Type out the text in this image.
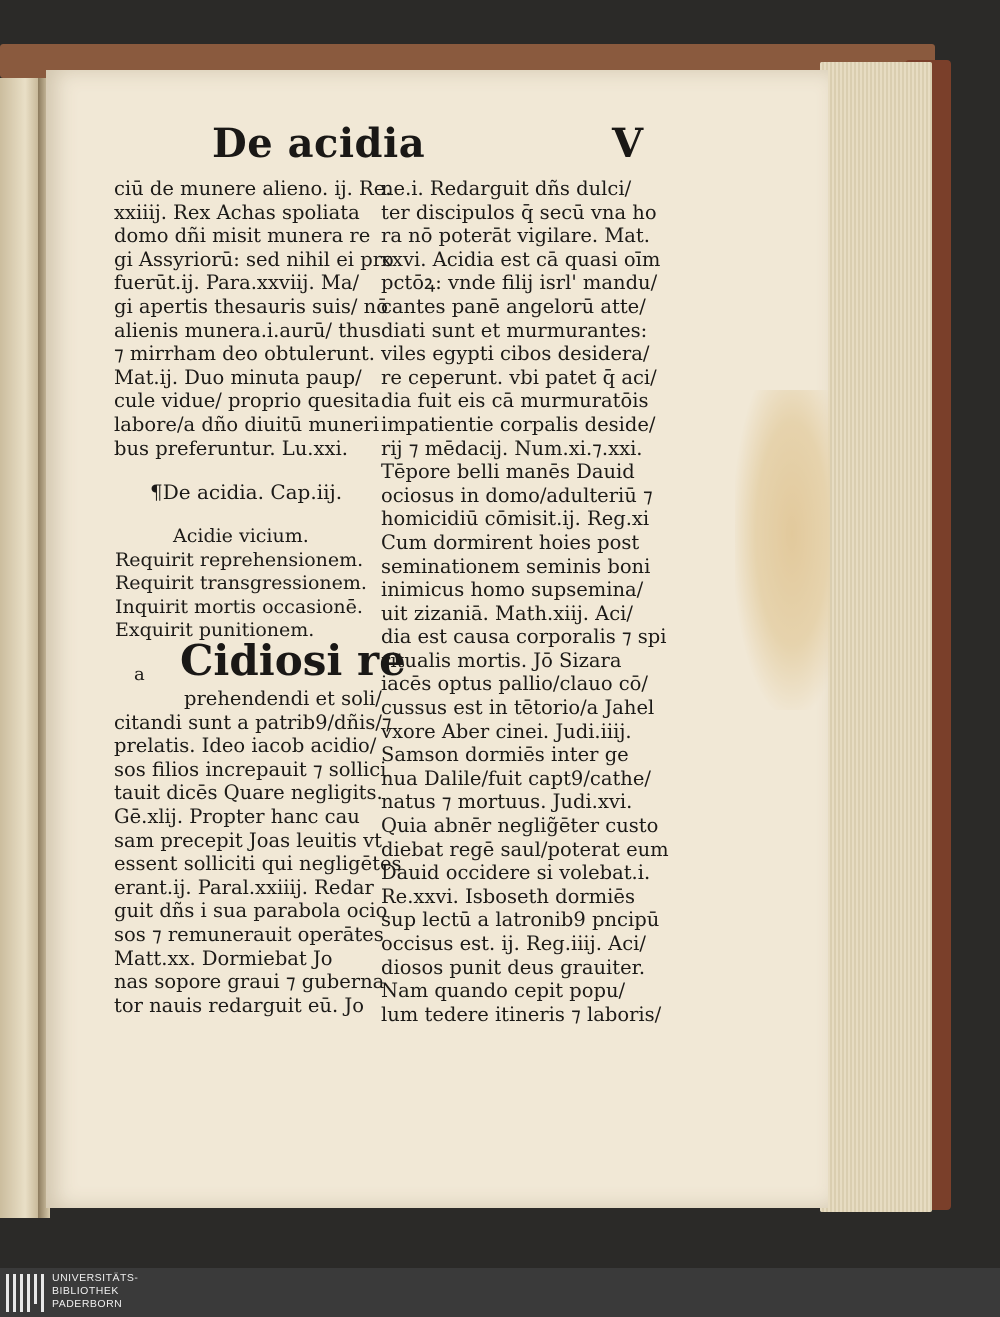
De acidia	V
ciū de munere alieno. ij. Re.
xxiiij. Rex Achas spoliata
domo dñi misit munera re
gi Assyriorū: sed nihil ei pro
fuerūt.ij. Para.xxviij. Ma/
gi apertis thesauris suis/ nō
alienis munera.i.aurū/ thus
⁊ mirrham deo obtulerunt.
Mat.ij. Duo minuta paup/
cule vidue/ proprio quesita
labore/a dño diuitū muneri
bus preferuntur. Lu.xxi.
¶De acidia. Cap.iij.
Acidie vicium.
Requirit reprehensionem.
Requirit transgressionem.
Inquirit mortis occasionē.
Exquirit punitionem.
a Cidiosi re
prehendendi et soli/
citandi sunt a patrib9/dñis/⁊
prelatis. Ideo iacob acidio/
sos filios increpauit ⁊ sollici
tauit dicēs Quare negligits.
Gē.xlij. Propter hanc cau
sam precepit Joas leuitis vt
essent solliciti qui negligētes
erant.ij. Paral.xxiiij. Redar
guit dñs i sua parabola ocio
sos ⁊ remunerauit operātes
Matt.xx. Dormiebat Jo
nas sopore graui ⁊ guberna
tor nauis redarguit eū. Jo
ne.i. Redarguit dñs dulci/
ter discipulos q̄ secū vna ho
ra nō poterāt vigilare. Mat.
xxvi. Acidia est cā quasi oīm
pctōꝝ: vnde filij isrl' mandu/
cantes panē angelorū atte/
diati sunt et murmurantes:
viles egypti cibos desidera/
re ceperunt. vbi patet q̄ aci/
dia fuit eis cā murmuratōis
impatientie corpalis deside/
rij ⁊ mēdacij. Num.xi.⁊.xxi.
Tēpore belli manēs Dauid
ociosus in domo/adulteriū ⁊
homicidiū cōmisit.ij. Reg.xi
Cum dormirent hoies post
seminationem seminis boni
inimicus homo supsemina/
uit zizaniā. Math.xiij. Aci/
dia est causa corporalis ⁊ spi
ritualis mortis. Jō Sizara
iacēs optus pallio/clauo cō/
cussus est in tētorio/a Jahel
vxore Aber cinei. Judi.iiij.
Samson dormiēs inter ge
nua Dalile/fuit capt9/cathe/
natus ⁊ mortuus. Judi.xvi.
Quia abnēr neglig̃ēter custo
diebat regē saul/poterat eum
Dauid occidere si volebat.i.
Re.xxvi. Isboseth dormiēs
sup lectū a latronib9 pncipū
occisus est. ij. Reg.iiij. Aci/
diosos punit deus grauiter.
Nam quando cepit popu/
lum tedere itineris ⁊ laboris/
UNIVERSITÄTS-
BIBLIOTHEK
PADERBORN
